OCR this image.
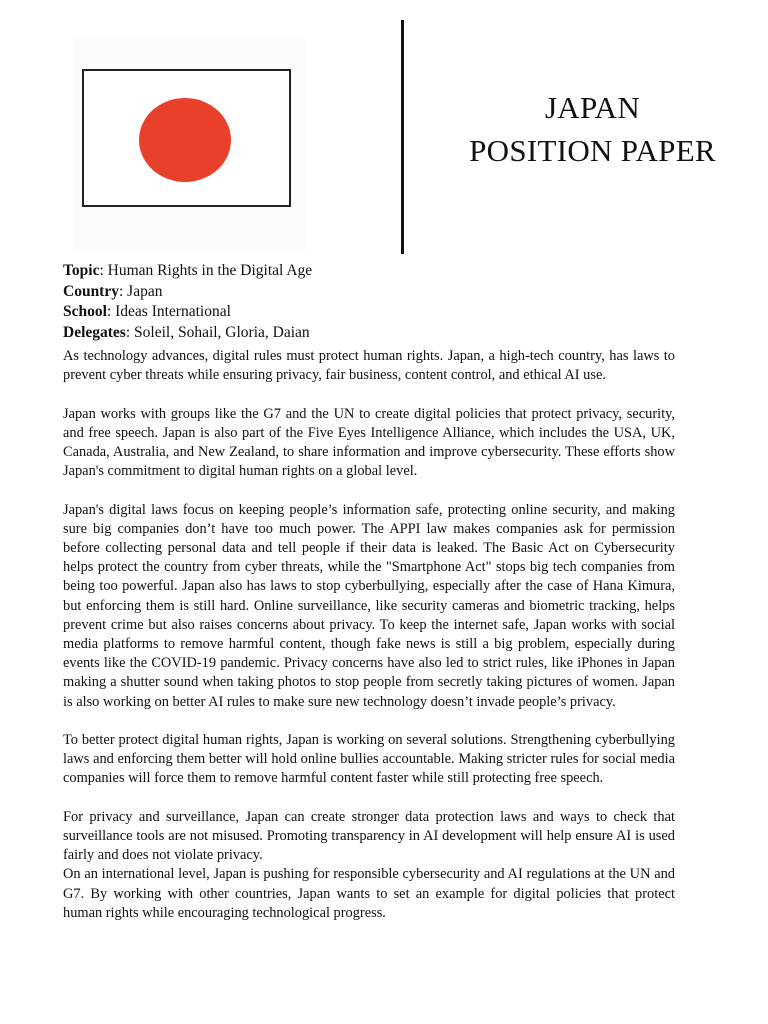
JAPAN
POSITION PAPER
Topic: Human Rights in the Digital Age
Country: Japan
School: Ideas International
Delegates: Soleil, Sohail, Gloria, Daian

As technology advances, digital rules must protect human rights. Japan, a high-tech country, has laws to prevent cyber threats while ensuring privacy, fair business, content control, and ethical AI use.

Japan works with groups like the G7 and the UN to create digital policies that protect privacy, security, and free speech. Japan is also part of the Five Eyes Intelligence Alliance, which includes the USA, UK, Canada, Australia, and New Zealand, to share information and improve cybersecurity. These efforts show Japan's commitment to digital human rights on a global level.

Japan's digital laws focus on keeping people’s information safe, protecting online security, and making sure big companies don’t have too much power. The APPI law makes companies ask for permission before collecting personal data and tell people if their data is leaked. The Basic Act on Cybersecurity helps protect the country from cyber threats, while the "Smartphone Act" stops big tech companies from being too powerful. Japan also has laws to stop cyberbullying, especially after the case of Hana Kimura, but enforcing them is still hard. Online surveillance, like security cameras and biometric tracking, helps prevent crime but also raises concerns about privacy. To keep the internet safe, Japan works with social media platforms to remove harmful content, though fake news is still a big problem, especially during events like the COVID-19 pandemic. Privacy concerns have also led to strict rules, like iPhones in Japan making a shutter sound when taking photos to stop people from secretly taking pictures of women. Japan is also working on better AI rules to make sure new technology doesn’t invade people’s privacy.

To better protect digital human rights, Japan is working on several solutions. Strengthening cyberbullying laws and enforcing them better will hold online bullies accountable. Making stricter rules for social media companies will force them to remove harmful content faster while still protecting free speech.

For privacy and surveillance, Japan can create stronger data protection laws and ways to check that surveillance tools are not misused. Promoting transparency in AI development will help ensure AI is used fairly and does not violate privacy.

On an international level, Japan is pushing for responsible cybersecurity and AI regulations at the UN and G7. By working with other countries, Japan wants to set an example for digital policies that protect human rights while encouraging technological progress.
